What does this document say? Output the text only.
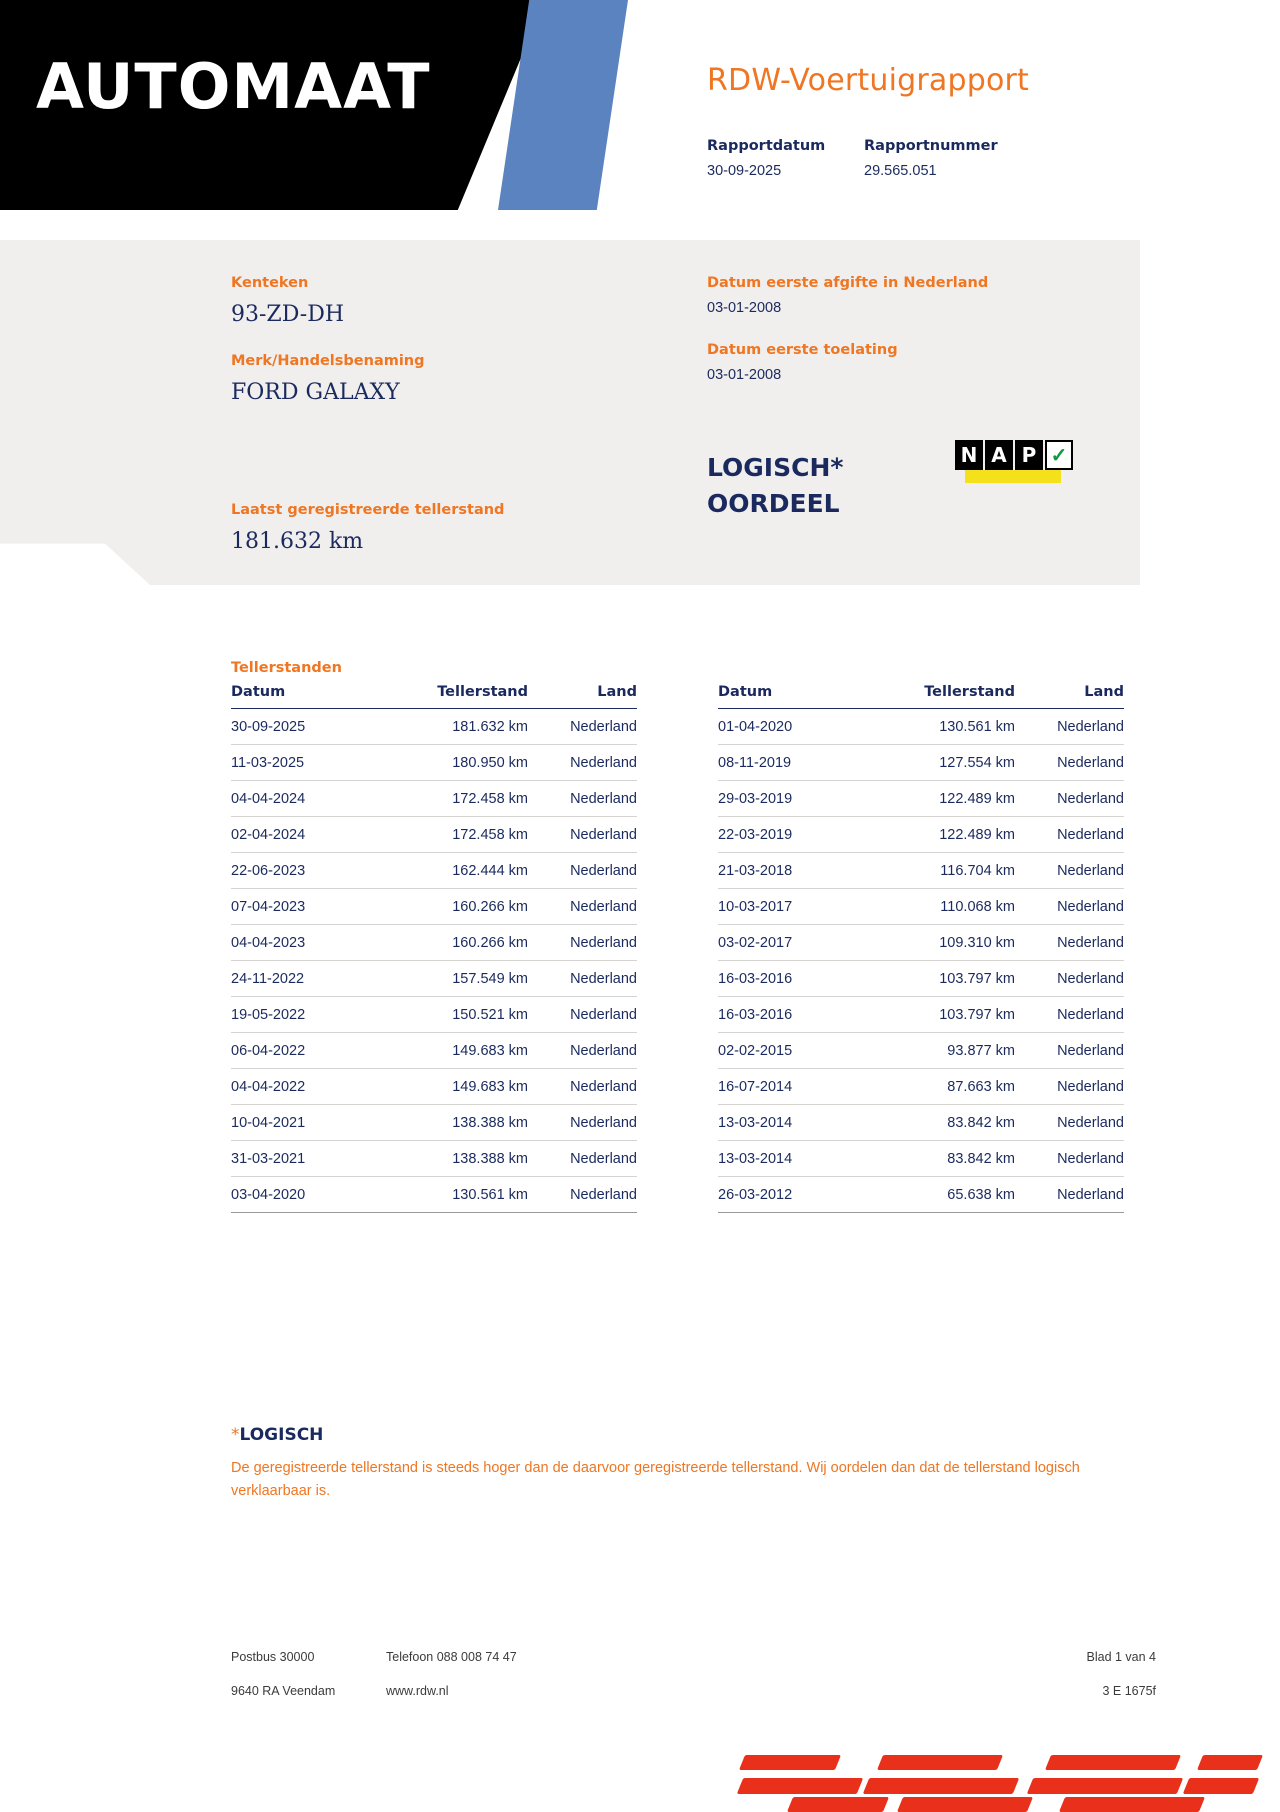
AUTOMAAT	RDW-Voertuigrapport
Rapportdatum
30-09-2025
Rapportnummer
29.565.051
Kenteken
93-ZD-DH
Merk/Handelsbenaming
FORD GALAXY
Laatst geregistreerde tellerstand
181.632 km
Datum eerste afgifte in Nederland
03-01-2008
Datum eerste toelating
03-01-2008
LOGISCH*
OORDEEL
N A P ✓
Tellerstanden
Datum	Tellerstand	Land
30-09-2025	181.632 km	Nederland
11-03-2025	180.950 km	Nederland
04-04-2024	172.458 km	Nederland
02-04-2024	172.458 km	Nederland
22-06-2023	162.444 km	Nederland
07-04-2023	160.266 km	Nederland
04-04-2023	160.266 km	Nederland
24-11-2022	157.549 km	Nederland
19-05-2022	150.521 km	Nederland
06-04-2022	149.683 km	Nederland
04-04-2022	149.683 km	Nederland
10-04-2021	138.388 km	Nederland
31-03-2021	138.388 km	Nederland
03-04-2020	130.561 km	Nederland
Datum	Tellerstand	Land
01-04-2020	130.561 km	Nederland
08-11-2019	127.554 km	Nederland
29-03-2019	122.489 km	Nederland
22-03-2019	122.489 km	Nederland
21-03-2018	116.704 km	Nederland
10-03-2017	110.068 km	Nederland
03-02-2017	109.310 km	Nederland
16-03-2016	103.797 km	Nederland
16-03-2016	103.797 km	Nederland
02-02-2015	93.877 km	Nederland
16-07-2014	87.663 km	Nederland
13-03-2014	83.842 km	Nederland
13-03-2014	83.842 km	Nederland
26-03-2012	65.638 km	Nederland
*LOGISCH
De geregistreerde tellerstand is steeds hoger dan de daarvoor geregistreerde tellerstand. Wij oordelen dan dat de tellerstand logisch verklaarbaar is.
Postbus 30000	Telefoon 088 008 74 47	Blad 1 van 4
9640 RA Veendam	www.rdw.nl	3 E 1675f
